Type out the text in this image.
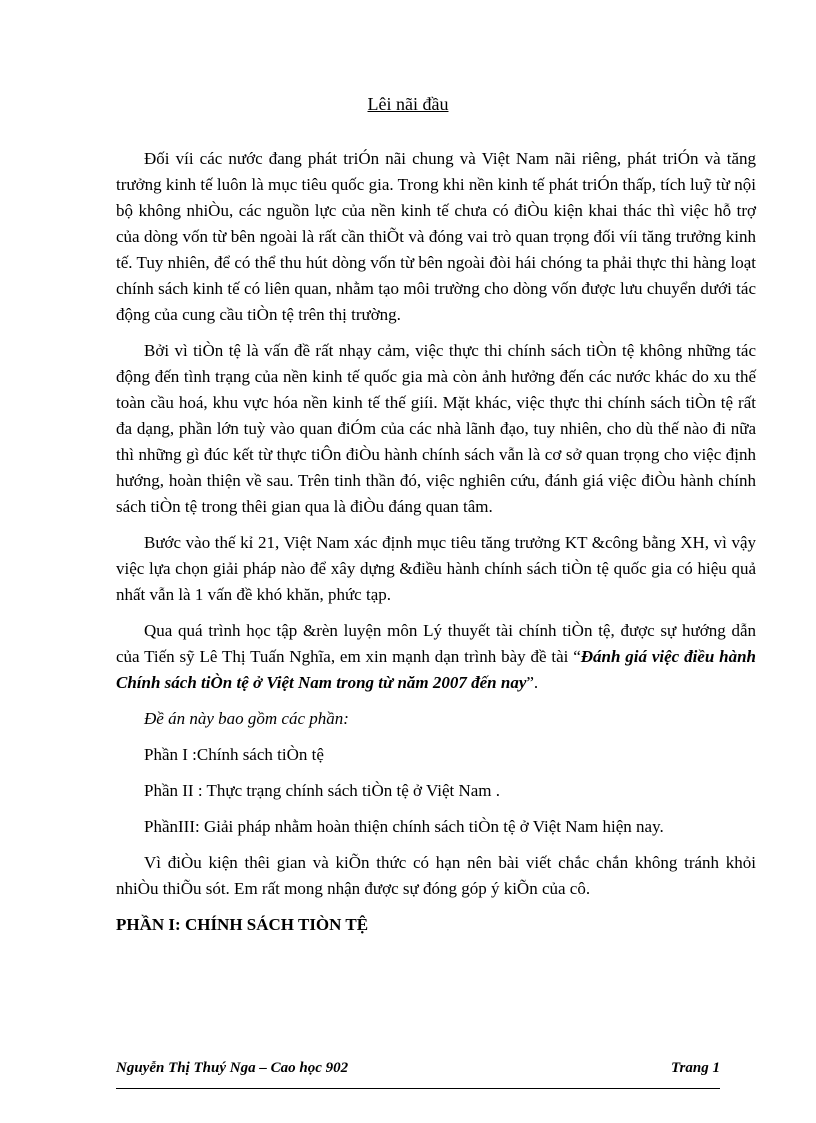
Lêi nãi đầu

Đối víi các nước đang phát triÓn nãi chung và Việt Nam nãi riêng, phát triÓn và tăng trưởng kinh tế luôn là mục tiêu quốc gia. Trong khi nền kinh tế phát triÓn thấp, tích luỹ từ nội bộ không nhiÒu, các nguồn lực của nền kinh tế chưa có điÒu kiện khai thác thì việc hỗ trợ của dòng vốn từ bên ngoài là rất cần thiÕt và đóng vai trò quan trọng đối víi tăng trưởng kinh tế. Tuy nhiên, để có thể thu hút dòng vốn từ bên ngoài đòi hái chóng ta phải thực thi hàng loạt chính sách kinh tế có liên quan, nhằm tạo môi trường cho dòng vốn được lưu chuyển dưới tác động của cung cầu tiÒn tệ trên thị trường.

Bởi vì tiÒn tệ là vấn đề rất nhạy cảm, việc thực thi chính sách tiÒn tệ không những tác động đến tình trạng của nền kinh tế quốc gia mà còn ảnh hưởng đến các nước khác do xu thế toàn cầu hoá, khu vực hóa nền kinh tế thế giíi. Mặt khác, việc thực thi chính sách tiÒn tệ rất đa dạng, phần lớn tuỳ vào quan điÓm của các nhà lãnh đạo, tuy nhiên, cho dù thế nào đi nữa thì những gì đúc kết từ thực tiÔn điÒu hành chính sách vẫn là cơ sở quan trọng cho việc định hướng, hoàn thiện về sau. Trên tinh thần đó, việc nghiên cứu, đánh giá việc điÒu hành chính sách tiÒn tệ trong thêi gian qua là điÒu đáng quan tâm.

Bước vào thế kỉ 21, Việt Nam xác định mục tiêu tăng trưởng KT &công bằng XH, vì vậy việc lựa chọn giải pháp nào để xây dựng &điều hành chính sách tiÒn tệ quốc gia có hiệu quả nhất vẫn là 1 vấn đề khó khăn, phức tạp.

Qua quá trình học tập &rèn luyện môn Lý thuyết tài chính tiÒn tệ, được sự hướng dẫn của Tiến sỹ Lê Thị Tuấn Nghĩa, em xin mạnh dạn trình bày đề tài “Đánh giá việc điều hành Chính sách tiÒn tệ ở Việt Nam trong từ năm 2007 đến nay”.

Đề án này bao gồm các phần:

Phần I :Chính sách tiÒn tệ

Phần II : Thực trạng chính sách tiÒn tệ ở Việt Nam .

PhầnIII: Giải pháp nhằm hoàn thiện chính sách tiÒn tệ ở Việt Nam hiện nay.

Vì điÒu kiện thêi gian và kiÕn thức có hạn nên bài viết chắc chắn không tránh khỏi nhiÒu thiÕu sót. Em rất mong nhận được sự đóng góp ý kiÕn của cô.

PHẦN I: CHÍNH SÁCH TIÒN TỆ

Nguyễn Thị Thuý Nga – Cao học 902	Trang 1
